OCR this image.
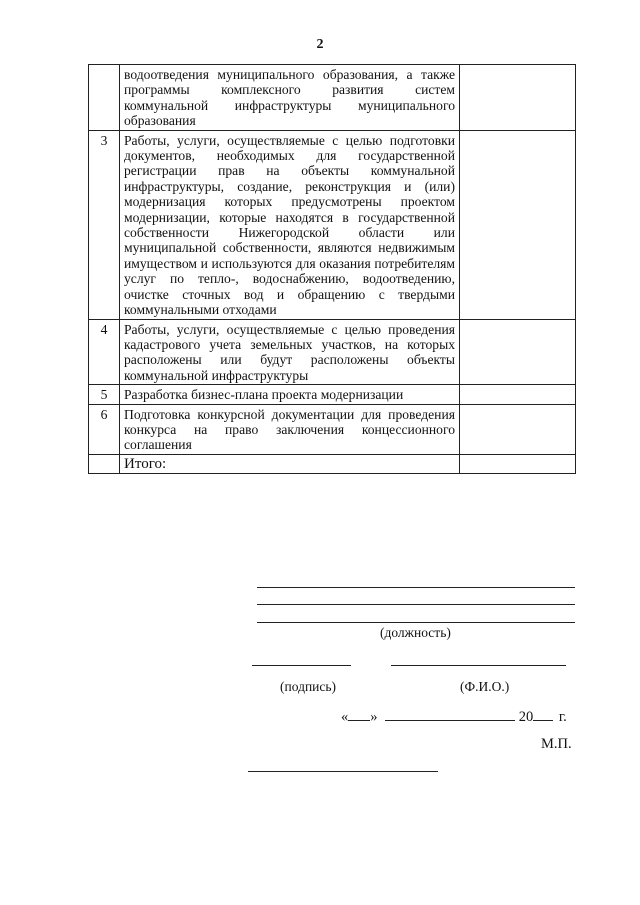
2
	водоотведения муниципального образования, а также программы комплексного развития систем коммунальной инфраструктуры муниципального образования	
3	Работы, услуги, осуществляемые с целью подготовки документов, необходимых для государственной регистрации прав на объекты коммунальной инфраструктуры, создание, реконструкция и (или) модернизация которых предусмотрены проектом модернизации, которые находятся в государственной собственности Нижегородской области или муниципальной собственности, являются недвижимым имуществом и используются для оказания потребителям услуг по тепло-, водоснабжению, водоотведению, очистке сточных вод и обращению с твердыми коммунальными отходами	
4	Работы, услуги, осуществляемые с целью проведения кадастрового учета земельных участков, на которых расположены или будут расположены объекты коммунальной инфраструктуры	
5	Разработка бизнес-плана проекта модернизации	
6	Подготовка конкурсной документации для проведения конкурса на право заключения концессионного соглашения	
	Итого:	
(должность)
(подпись)	(Ф.И.О.)
« »	20 г.
М.П.
